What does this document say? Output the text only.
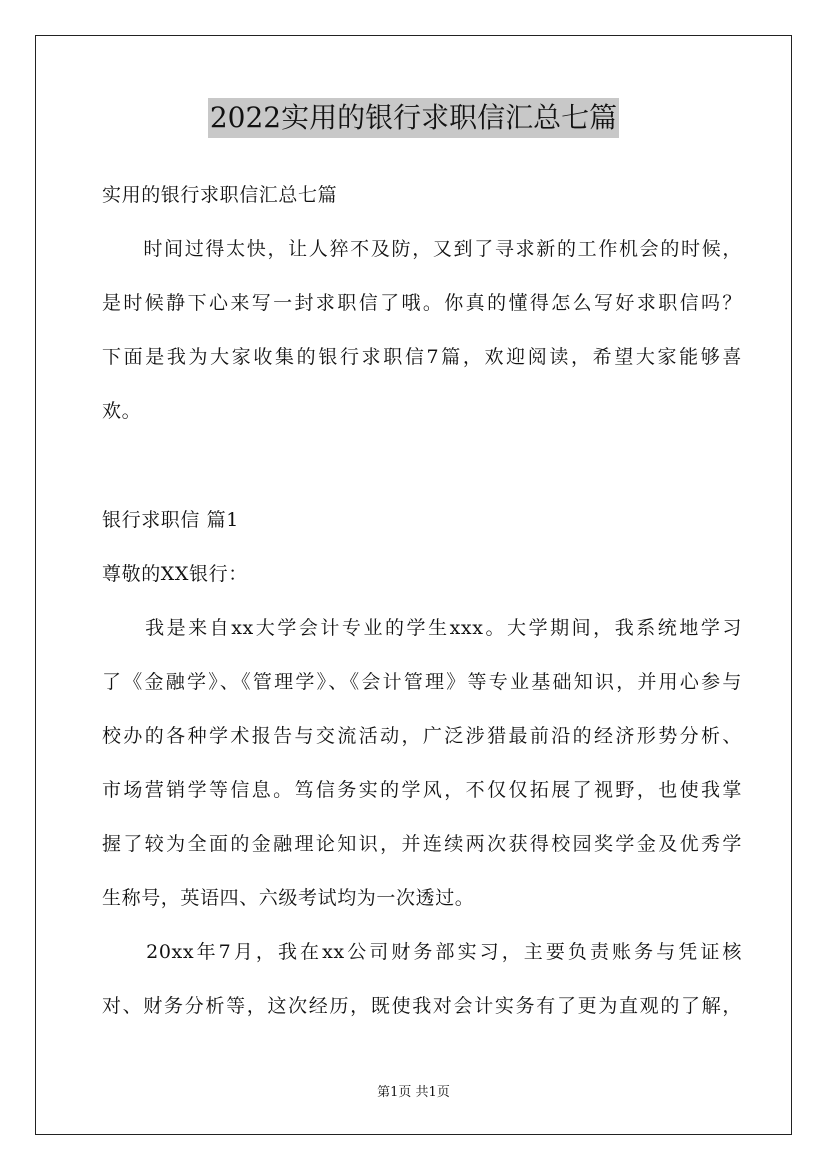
2022实用的银行求职信汇总七篇
实用的银行求职信汇总七篇
　　时间过得太快，让人猝不及防，又到了寻求新的工作机会的时候，
是时候静下心来写一封求职信了哦。你真的懂得怎么写好求职信吗？
下面是我为大家收集的银行求职信7篇，欢迎阅读，希望大家能够喜
欢。
银行求职信 篇1
尊敬的XX银行：
　　我是来自xx大学会计专业的学生xxx。大学期间，我系统地学习
了《金融学》、《管理学》、《会计管理》等专业基础知识，并用心参与
校办的各种学术报告与交流活动，广泛涉猎最前沿的经济形势分析、
市场营销学等信息。笃信务实的学风，不仅仅拓展了视野，也使我掌
握了较为全面的金融理论知识，并连续两次获得校园奖学金及优秀学
生称号，英语四、六级考试均为一次透过。
　　20xx年7月，我在xx公司财务部实习，主要负责账务与凭证核
对、财务分析等，这次经历，既使我对会计实务有了更为直观的了解，
第1页 共1页
